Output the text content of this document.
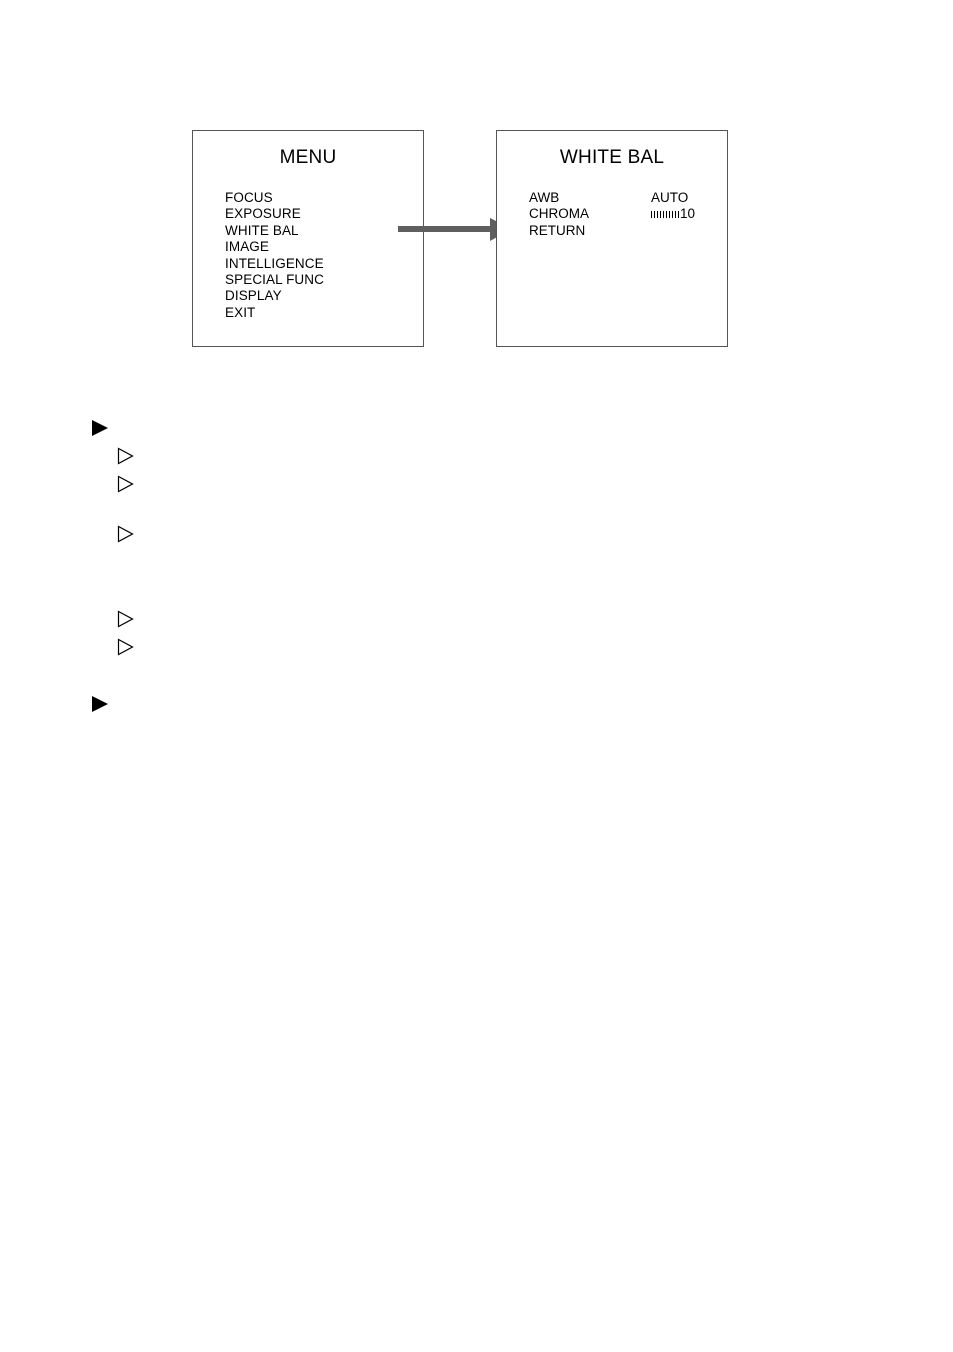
MENU
FOCUS
EXPOSURE
WHITE BAL
IMAGE
INTELLIGENCE
SPECIAL FUNC
DISPLAY
EXIT
WHITE BAL
AWB	AUTO
CHROMA	10
RETURN
